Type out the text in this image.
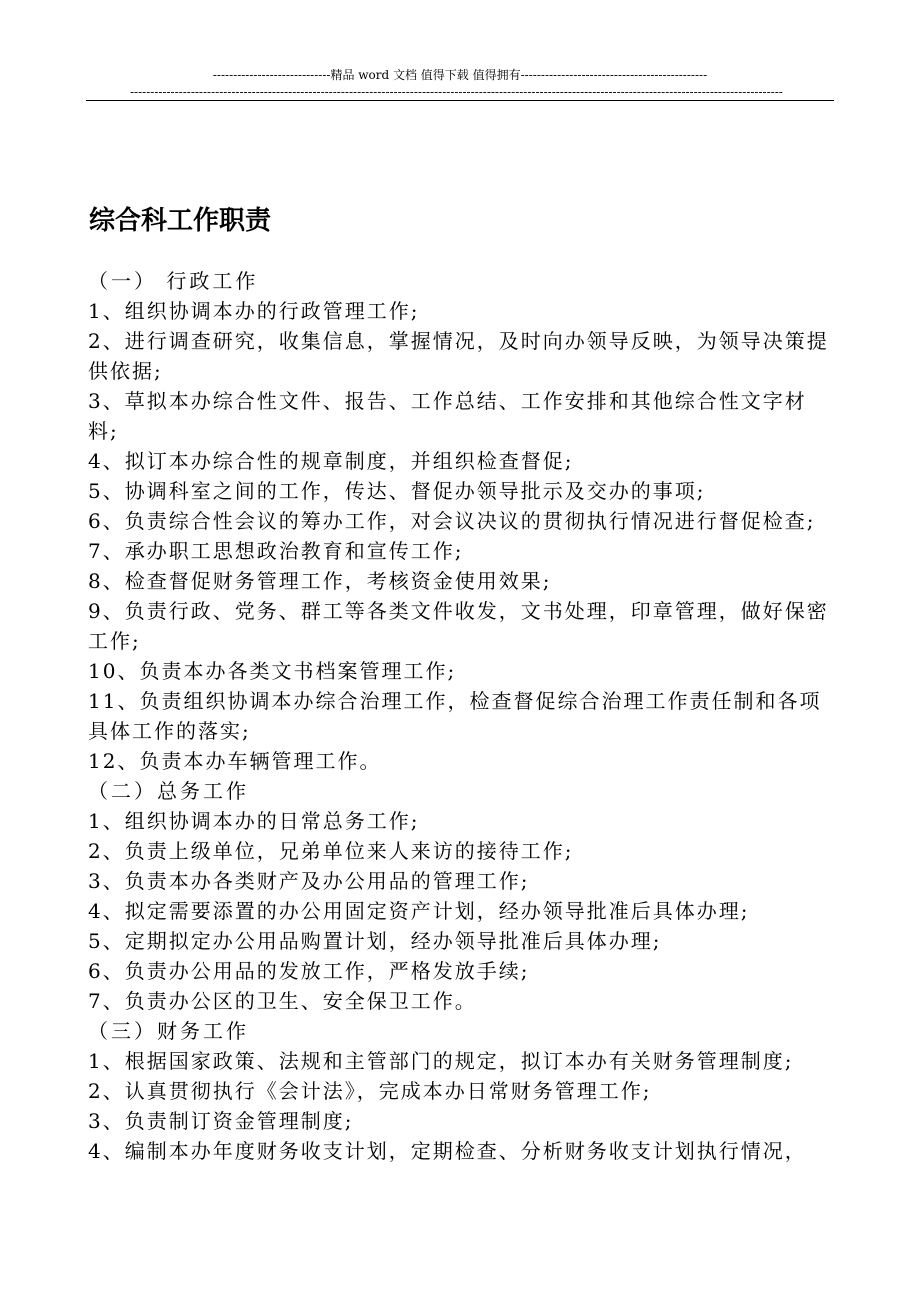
-----------------------------精品 word 文档 值得下载 值得拥有----------------------------------------------
-----------------------------------------------------------------------------------------------------------------------------------------------------------------
综合科工作职责

（一） 行政工作

1、组织协调本办的行政管理工作;

2、进行调查研究，收集信息，掌握情况，及时向办领导反映，为领导决策提供依据;

3、草拟本办综合性文件、报告、工作总结、工作安排和其他综合性文字材料;

4、拟订本办综合性的规章制度，并组织检查督促;

5、协调科室之间的工作，传达、督促办领导批示及交办的事项;

6、负责综合性会议的筹办工作，对会议决议的贯彻执行情况进行督促检查;

7、承办职工思想政治教育和宣传工作;

8、检查督促财务管理工作，考核资金使用效果;

9、负责行政、党务、群工等各类文件收发，文书处理，印章管理，做好保密工作;

10、负责本办各类文书档案管理工作;

11、负责组织协调本办综合治理工作，检查督促综合治理工作责任制和各项具体工作的落实;

12、负责本办车辆管理工作。

（二）总务工作

1、组织协调本办的日常总务工作;

2、负责上级单位，兄弟单位来人来访的接待工作;

3、负责本办各类财产及办公用品的管理工作;

4、拟定需要添置的办公用固定资产计划，经办领导批准后具体办理;

5、定期拟定办公用品购置计划，经办领导批准后具体办理;

6、负责办公用品的发放工作，严格发放手续;

7、负责办公区的卫生、安全保卫工作。

（三）财务工作

1、根据国家政策、法规和主管部门的规定，拟订本办有关财务管理制度;

2、认真贯彻执行《会计法》，完成本办日常财务管理工作;

3、负责制订资金管理制度;

4、编制本办年度财务收支计划，定期检查、分析财务收支计划执行情况，
